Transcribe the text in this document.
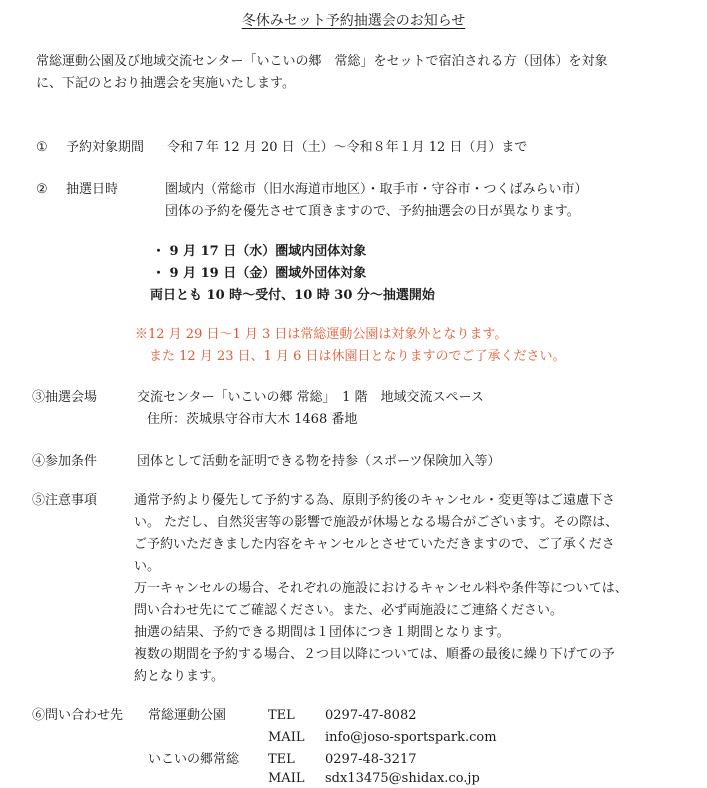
冬休みセット予約抽選会のお知らせ
常総運動公園及び地域交流センター「いこいの郷　常総」をセットで宿泊される方（団体）を対象
に、下記のとおり抽選会を実施いたします。
① 予約対象期間 令和７年 12 月 20 日（土）～令和８年１月 12 日（月）まで
② 抽選日時	圏域内（常総市（旧水海道市地区）・取手市・守谷市・つくばみらい市）
団体の予約を優先させて頂きますので、予約抽選会の日が異なります。
・ 9 月 17 日（水）圏域内団体対象
・ 9 月 19 日（金）圏域外団体対象
両日とも 10 時～受付、10 時 30 分～抽選開始
※12 月 29 日～1 月 3 日は常総運動公園は対象外となります。
また 12 月 23 日、1 月 6 日は休園日となりますのでご了承ください。
③抽選会場	交流センター「いこいの郷 常総」　1 階　地域交流スペース
住所：茨城県守谷市大木 1468 番地
④参加条件	団体として活動を証明できる物を持参（スポーツ保険加入等）
⑤注意事項	通常予約より優先して予約する為、原則予約後のキャンセル・変更等はご遠慮下さ
い。 ただし、自然災害等の影響で施設が休場となる場合がございます。その際は、
ご予約いただきました内容をキャンセルとさせていただきますので、ご了承くださ
い。
万一キャンセルの場合、それぞれの施設におけるキャンセル料や条件等については、
問い合わせ先にてご確認ください。また、必ず両施設にご連絡ください。
抽選の結果、予約できる期間は１団体につき１期間となります。
複数の期間を予約する場合、２つ目以降については、順番の最後に繰り下げての予
約となります。
⑥問い合わせ先 常総運動公園	TEL 0297-47-8082
MAIL info@joso-sportspark.com
いこいの郷常総 TEL 0297-48-3217
MAIL sdx13475@shidax.co.jp
